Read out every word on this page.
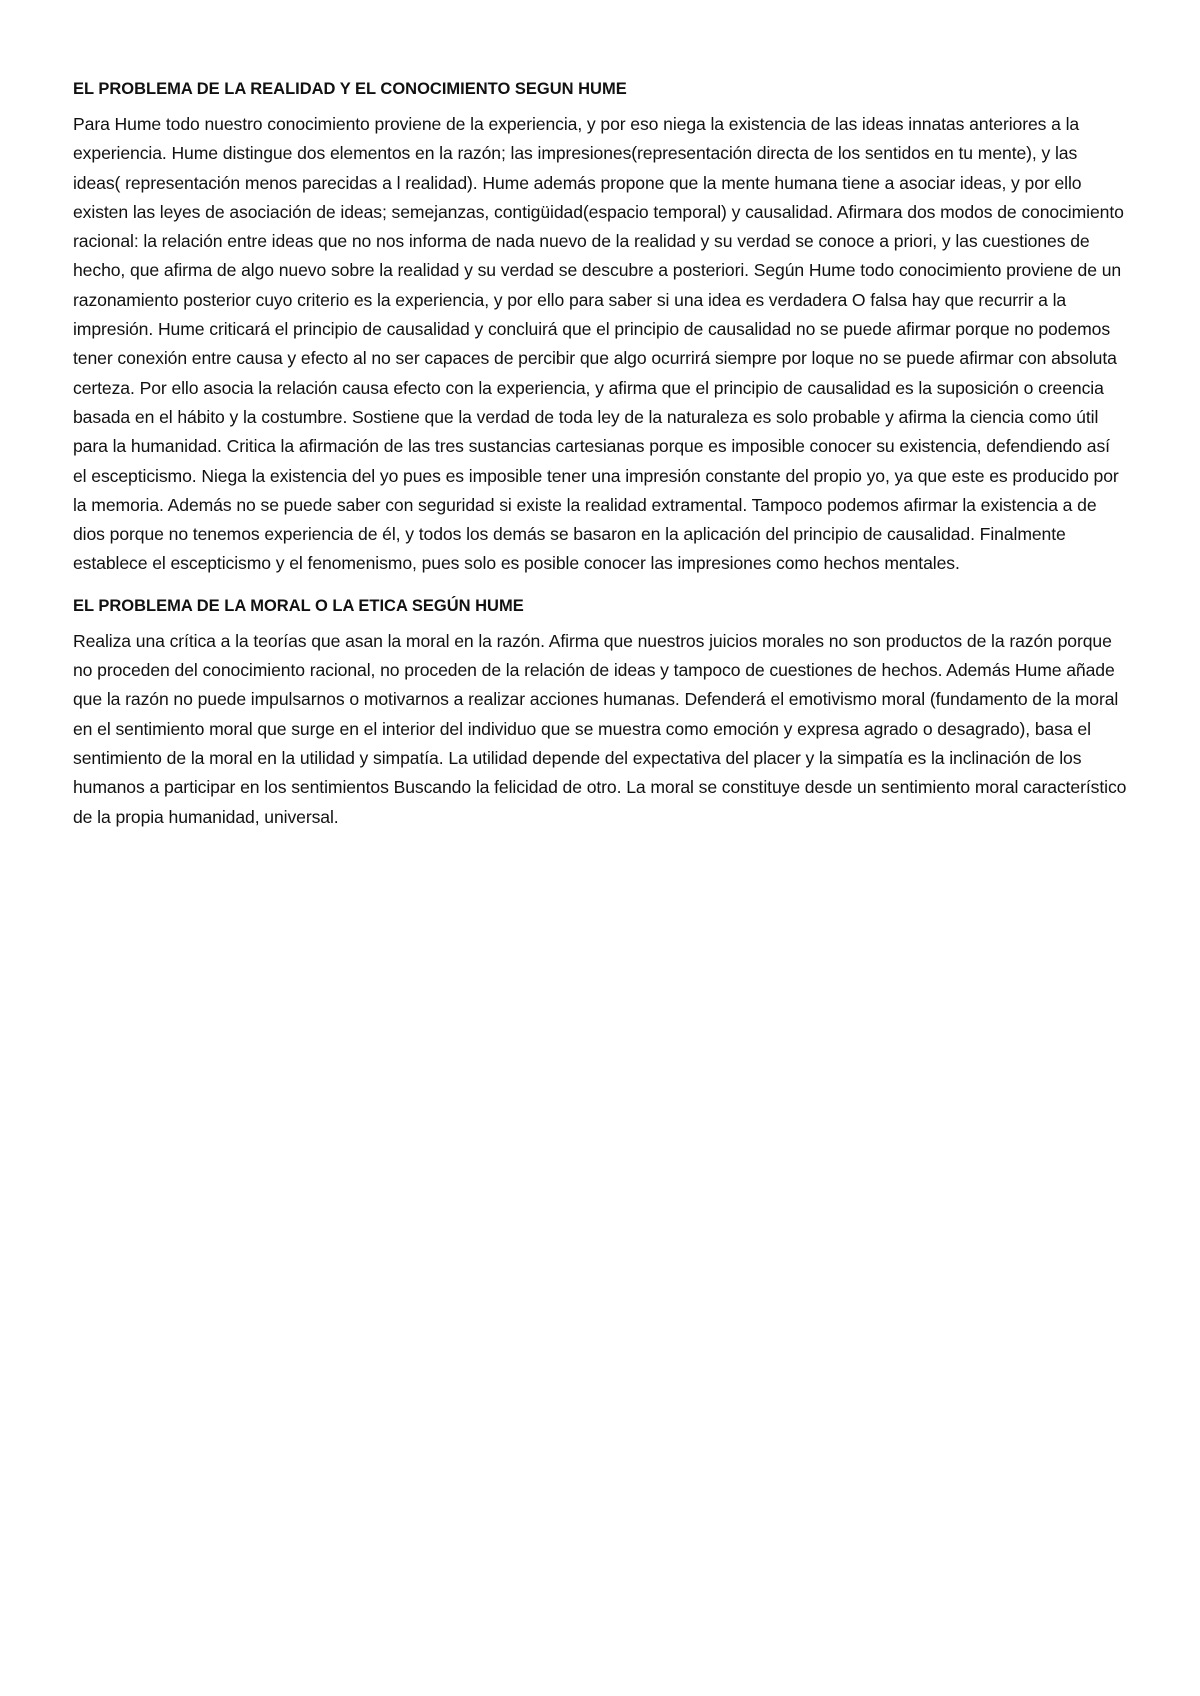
EL PROBLEMA DE LA REALIDAD Y EL CONOCIMIENTO SEGUN HUME

Para Hume todo nuestro conocimiento proviene de la experiencia, y por eso niega la existencia de las ideas innatas anteriores a la experiencia. Hume distingue dos elementos en la razón; las impresiones(representación directa de los sentidos en tu mente), y las ideas( representación menos parecidas a l realidad). Hume además propone que la mente humana tiene a asociar ideas, y por ello existen las leyes de asociación de ideas; semejanzas, contigüidad(espacio temporal) y causalidad. Afirmara dos modos de conocimiento racional: la relación entre ideas que no nos informa de nada nuevo de la realidad y su verdad se conoce a priori, y las cuestiones de hecho, que afirma de algo nuevo sobre la realidad y su verdad se descubre a posteriori. Según Hume todo conocimiento proviene de un razonamiento posterior cuyo criterio es la experiencia, y por ello para saber si una idea es verdadera O falsa hay que recurrir a la impresión. Hume criticará el principio de causalidad y concluirá que el principio de causalidad no se puede afirmar porque no podemos tener conexión entre causa y efecto al no ser capaces de percibir que algo ocurrirá siempre por loque no se puede afirmar con absoluta certeza. Por ello asocia la relación causa efecto con la experiencia, y afirma que el principio de causalidad es la suposición o creencia basada en el hábito y la costumbre. Sostiene que la verdad de toda ley de la naturaleza es solo probable y afirma la ciencia como útil para la humanidad. Critica la afirmación de las tres sustancias cartesianas porque es imposible conocer su existencia, defendiendo así el escepticismo. Niega la existencia del yo pues es imposible tener una impresión constante del propio yo, ya que este es producido por la memoria. Además no se puede saber con seguridad si existe la realidad extramental. Tampoco podemos afirmar la existencia a de dios porque no tenemos experiencia de él, y todos los demás se basaron en la aplicación del principio de causalidad. Finalmente establece el escepticismo y el fenomenismo, pues solo es posible conocer las impresiones como hechos mentales.

EL PROBLEMA DE LA MORAL O LA ETICA SEGÚN HUME

Realiza una crítica a la teorías que asan la moral en la razón. Afirma que nuestros juicios morales no son productos de la razón porque no proceden del conocimiento racional, no proceden de la relación de ideas y tampoco de cuestiones de hechos. Además Hume añade que la razón no puede impulsarnos o motivarnos a realizar acciones humanas. Defenderá el emotivismo moral (fundamento de la moral en el sentimiento moral que surge en el interior del individuo que se muestra como emoción y expresa agrado o desagrado), basa el sentimiento de la moral en la utilidad y simpatía. La utilidad depende del expectativa del placer y la simpatía es la inclinación de los humanos a participar en los sentimientos Buscando la felicidad de otro. La moral se constituye desde un sentimiento moral característico de la propia humanidad, universal.
